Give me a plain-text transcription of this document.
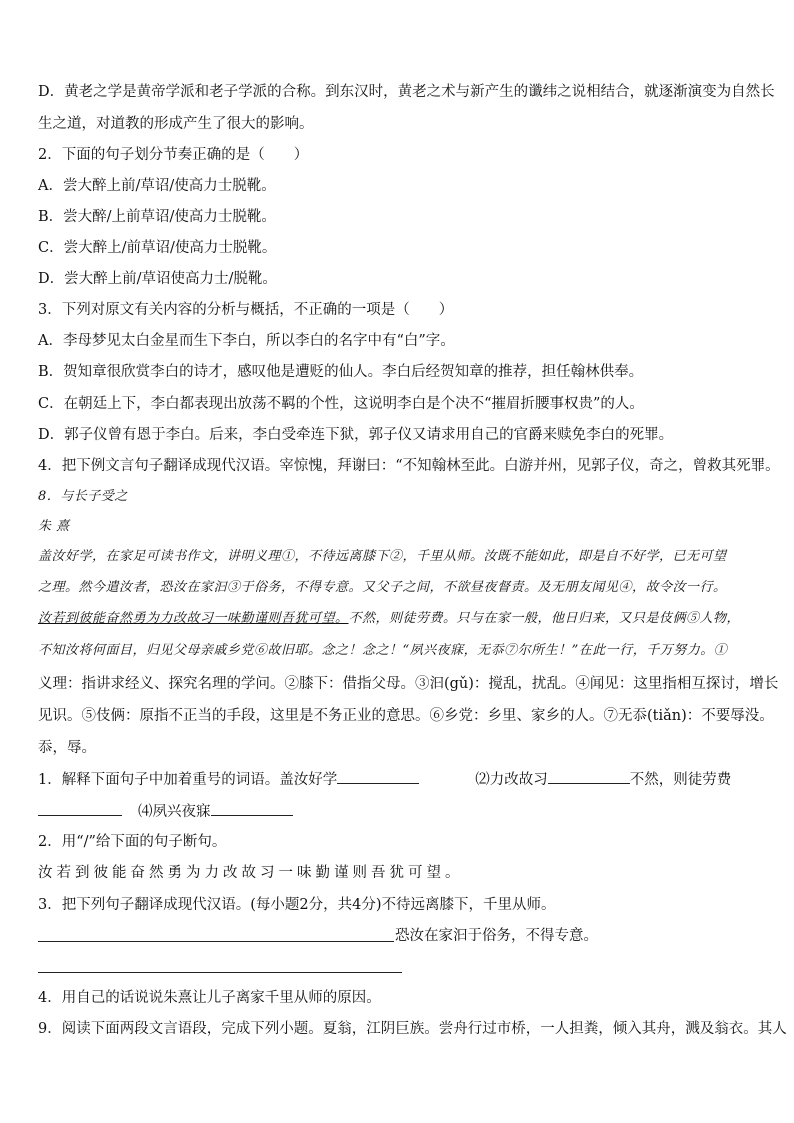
D．黄老之学是黄帝学派和老子学派的合称。到东汉时，黄老之术与新产生的谶纬之说相结合，就逐渐演变为自然长
生之道，对道教的形成产生了很大的影响。
2．下面的句子划分节奏正确的是（　　）
A．尝大醉上前/草诏/使高力士脱靴。
B．尝大醉/上前草诏/使高力士脱靴。
C．尝大醉上/前草诏/使高力士脱靴。
D．尝大醉上前/草诏使高力士/脱靴。
3．下列对原文有关内容的分析与概括，不正确的一项是（　　）
A．李母梦见太白金星而生下李白，所以李白的名字中有“白”字。
B．贺知章很欣赏李白的诗才，感叹他是遭贬的仙人。李白后经贺知章的推荐，担任翰林供奉。
C．在朝廷上下，李白都表现出放荡不羁的个性，这说明李白是个决不“摧眉折腰事权贵”的人。
D．郭子仪曾有恩于李白。后来，李白受牵连下狱，郭子仪又请求用自己的官爵来赎免李白的死罪。
4．把下例文言句子翻译成现代汉语。宰惊愧，拜谢曰：“不知翰林至此。白游并州，见郭子仪，奇之，曾救其死罪。
8．与长子受之
朱 熹
盖汝好学，在家足可读书作文，讲明义理①，不待远离膝下②，千里从师。汝既不能如此，即是自不好学，已无可望
之理。然今遣汝者，恐汝在家汩③于俗务，不得专意。又父子之间，不欲昼夜督责。及无朋友闻见④，故令汝一行。
汝若到彼能奋然勇为力改故习一味勤谨则吾犹可望。不然，则徒劳费。只与在家一般，他日归来，又只是伎俩⑤人物，
不知汝将何面目，归见父母亲戚乡党⑥故旧耶。念之！念之！“夙兴夜寐，无忝⑦尔所生！”在此一行，千万努力。①
义理：指讲求经义、探究名理的学问。②膝下：借指父母。③汩(gǔ)：搅乱，扰乱。④闻见：这里指相互探讨，增长
见识。⑤伎俩：原指不正当的手段，这里是不务正业的意思。⑥乡党：乡里、家乡的人。⑦无忝(tiǎn)：不要辱没。
忝，辱。
1．解释下面句子中加着重号的词语。盖汝好学	⑵力改故习	不然，则徒劳费
⑷夙兴夜寐
2．用“/”给下面的句子断句。
汝若到彼能奋然勇为力改故习一味勤谨则吾犹可望。
3．把下列句子翻译成现代汉语。(每小题2分，共4分)不待远离膝下，千里从师。
恐汝在家汩于俗务，不得专意。
4．用自己的话说说朱熹让儿子离家千里从师的原因。
9．阅读下面两段文言语段，完成下列小题。夏翁，江阴巨族。尝舟行过市桥，一人担粪，倾入其舟，溅及翁衣。其人
